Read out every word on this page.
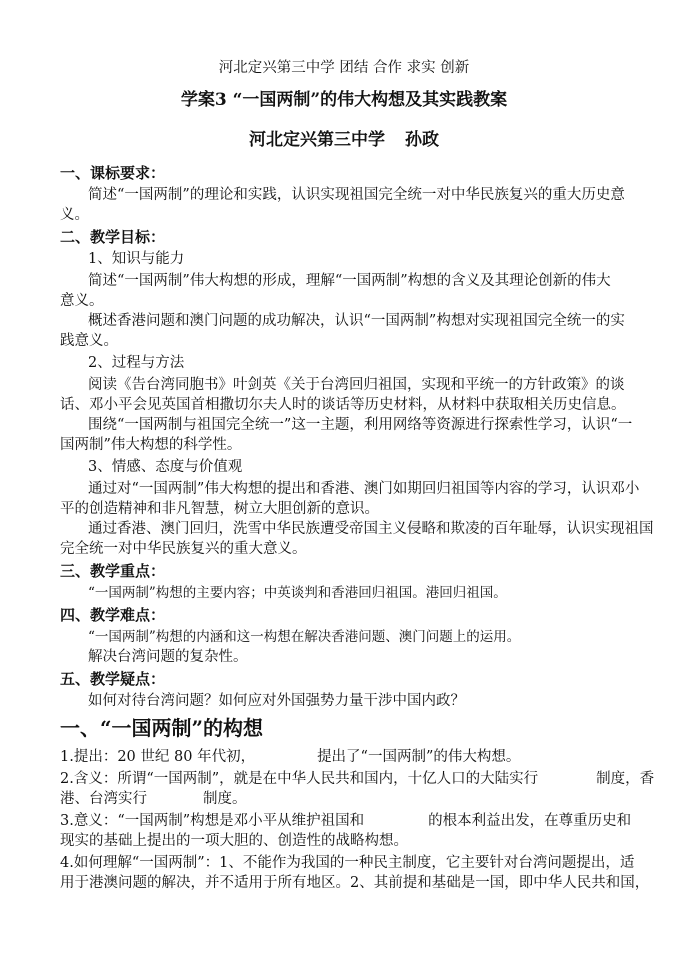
河北定兴第三中学 团结 合作 求实 创新
学案3 “一国两制”的伟大构想及其实践教案
河北定兴第三中学 孙政
一、课标要求：
简述“一国两制”的理论和实践，认识实现祖国完全统一对中华民族复兴的重大历史意
义。
二、教学目标：
1、知识与能力
简述“一国两制”伟大构想的形成，理解“一国两制”构想的含义及其理论创新的伟大
意义。
概述香港问题和澳门问题的成功解决，认识“一国两制”构想对实现祖国完全统一的实
践意义。
2、过程与方法
阅读《告台湾同胞书》叶剑英《关于台湾回归祖国，实现和平统一的方针政策》的谈
话、邓小平会见英国首相撒切尔夫人时的谈话等历史材料，从材料中获取相关历史信息。
围绕“一国两制与祖国完全统一”这一主题，利用网络等资源进行探索性学习，认识“一
国两制”伟大构想的科学性。
3、情感、态度与价值观
通过对“一国两制”伟大构想的提出和香港、澳门如期回归祖国等内容的学习，认识邓小
平的创造精神和非凡智慧，树立大胆创新的意识。
通过香港、澳门回归，洗雪中华民族遭受帝国主义侵略和欺凌的百年耻辱，认识实现祖国
完全统一对中华民族复兴的重大意义。
三、教学重点：
“一国两制”构想的主要内容；中英谈判和香港回归祖国。港回归祖国。
四、教学难点：
“一国两制”构想的内涵和这一构想在解决香港问题、澳门问题上的运用。
解决台湾问题的复杂性。
五、教学疑点：
如何对待台湾问题？如何应对外国强势力量干涉中国内政？
一、“一国两制”的构想
1.提出：20 世纪 80 年代初，	提出了“一国两制”的伟大构想。
2.含义：所谓“一国两制”，就是在中华人民共和国内，十亿人口的大陆实行	制度，香
港、台湾实行	制度。
3.意义：“一国两制”构想是邓小平从维护祖国和	的根本利益出发，在尊重历史和
现实的基础上提出的一项大胆的、创造性的战略构想。
4.如何理解“一国两制”：1、不能作为我国的一种民主制度，它主要针对台湾问题提出，适
用于港澳问题的解决，并不适用于所有地区。2、其前提和基础是一国，即中华人民共和国，
